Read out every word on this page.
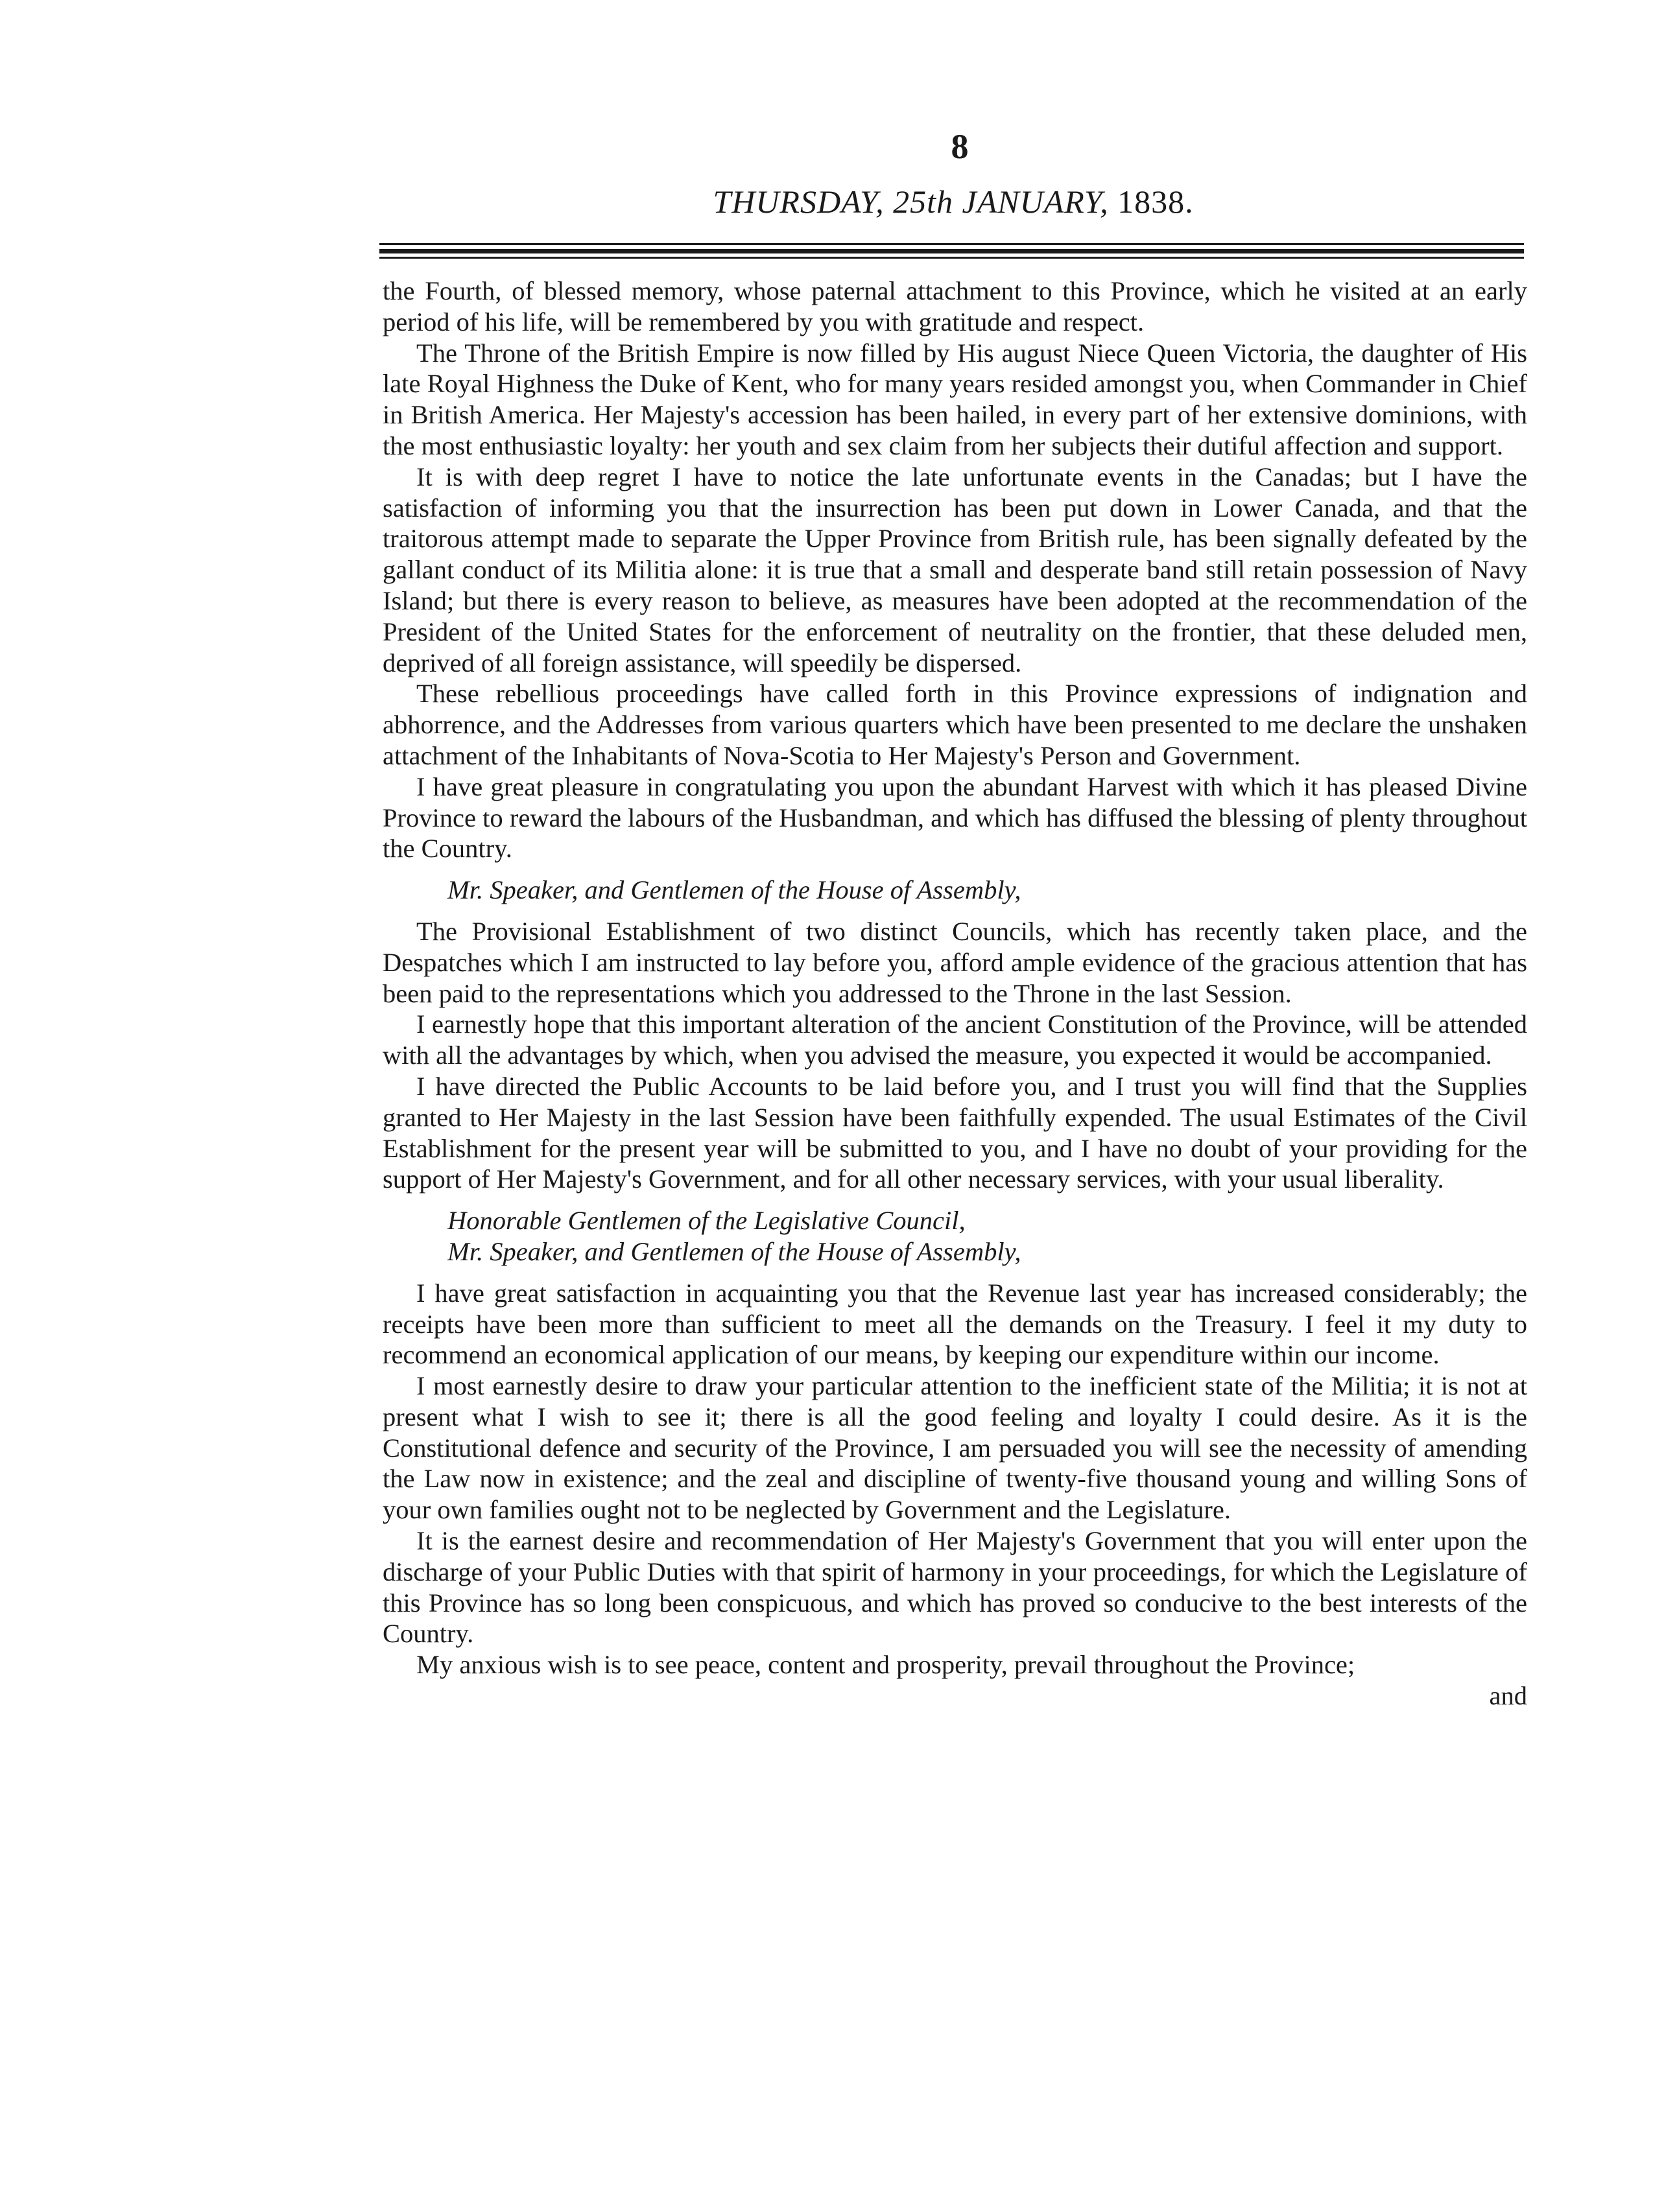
8
THURSDAY, 25th JANUARY, 1838.

the Fourth, of blessed memory, whose paternal attachment to this Province, which he visited at an early period of his life, will be remembered by you with gratitude and respect.

The Throne of the British Empire is now filled by His august Niece Queen Victoria, the daughter of His late Royal Highness the Duke of Kent, who for many years resided amongst you, when Commander in Chief in British America. Her Majesty's accession has been hailed, in every part of her extensive dominions, with the most enthusiastic loyalty: her youth and sex claim from her subjects their dutiful affection and support.

It is with deep regret I have to notice the late unfortunate events in the Canadas; but I have the satisfaction of informing you that the insurrection has been put down in Lower Canada, and that the traitorous attempt made to separate the Upper Province from British rule, has been signally defeated by the gallant conduct of its Militia alone: it is true that a small and desperate band still retain possession of Navy Island; but there is every reason to believe, as measures have been adopted at the recommendation of the President of the United States for the enforcement of neutrality on the frontier, that these deluded men, deprived of all foreign assistance, will speedily be dispersed.

These rebellious proceedings have called forth in this Province expressions of indignation and abhorrence, and the Addresses from various quarters which have been presented to me declare the unshaken attachment of the Inhabitants of Nova-Scotia to Her Majesty's Person and Government.

I have great pleasure in congratulating you upon the abundant Harvest with which it has pleased Divine Province to reward the labours of the Husbandman, and which has diffused the blessing of plenty throughout the Country.

Mr. Speaker, and Gentlemen of the House of Assembly,

The Provisional Establishment of two distinct Councils, which has recently taken place, and the Despatches which I am instructed to lay before you, afford ample evidence of the gracious attention that has been paid to the representations which you addressed to the Throne in the last Session.

I earnestly hope that this important alteration of the ancient Constitution of the Province, will be attended with all the advantages by which, when you advised the measure, you expected it would be accompanied.

I have directed the Public Accounts to be laid before you, and I trust you will find that the Supplies granted to Her Majesty in the last Session have been faithfully expended. The usual Estimates of the Civil Establishment for the present year will be submitted to you, and I have no doubt of your providing for the support of Her Majesty's Government, and for all other necessary services, with your usual liberality.

Honorable Gentlemen of the Legislative Council,
Mr. Speaker, and Gentlemen of the House of Assembly,

I have great satisfaction in acquainting you that the Revenue last year has increased considerably; the receipts have been more than sufficient to meet all the demands on the Treasury. I feel it my duty to recommend an economical application of our means, by keeping our expenditure within our income.

I most earnestly desire to draw your particular attention to the inefficient state of the Militia; it is not at present what I wish to see it; there is all the good feeling and loyalty I could desire. As it is the Constitutional defence and security of the Province, I am persuaded you will see the necessity of amending the Law now in existence; and the zeal and discipline of twenty-five thousand young and willing Sons of your own families ought not to be neglected by Government and the Legislature.

It is the earnest desire and recommendation of Her Majesty's Government that you will enter upon the discharge of your Public Duties with that spirit of harmony in your proceedings, for which the Legislature of this Province has so long been conspicuous, and which has proved so conducive to the best interests of the Country.

My anxious wish is to see peace, content and prosperity, prevail throughout the Province;

and
